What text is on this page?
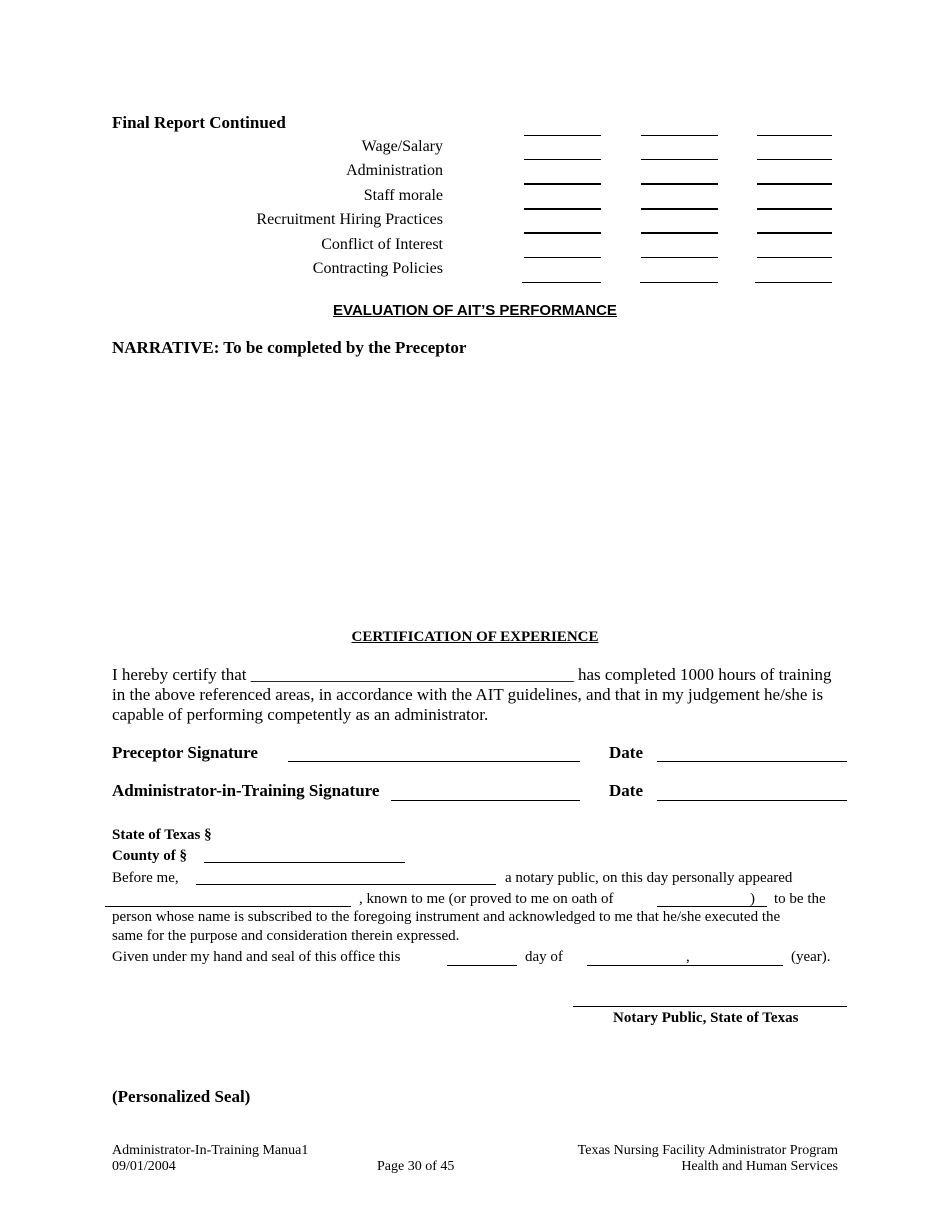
Final Report Continued
Wage/Salary
Administration
Staff morale
Recruitment Hiring Practices
Conflict of Interest
Contracting Policies
EVALUATION OF AIT’S PERFORMANCE
NARRATIVE: To be completed by the Preceptor
CERTIFICATION OF EXPERIENCE
I hereby certify that ______________________________________ has completed 1000 hours of training
in the above referenced areas, in accordance with the AIT guidelines, and that in my judgement he/she is
capable of performing competently as an administrator.
Preceptor Signature	Date
Administrator-in-Training Signature	Date
State of Texas §
County of §
Before me,	a notary public, on this day personally appeared
, known to me (or proved to me on oath of	) to be the
person whose name is subscribed to the foregoing instrument and acknowledged to me that he/she executed the
same for the purpose and consideration therein expressed.
Given under my hand and seal of this office this	day of	,	(year).
Notary Public, State of Texas
(Personalized Seal)
Administrator-In-Training Manua1
09/01/2004	Page 30 of 45
Texas Nursing Facility Administrator Program
Health and Human Services
